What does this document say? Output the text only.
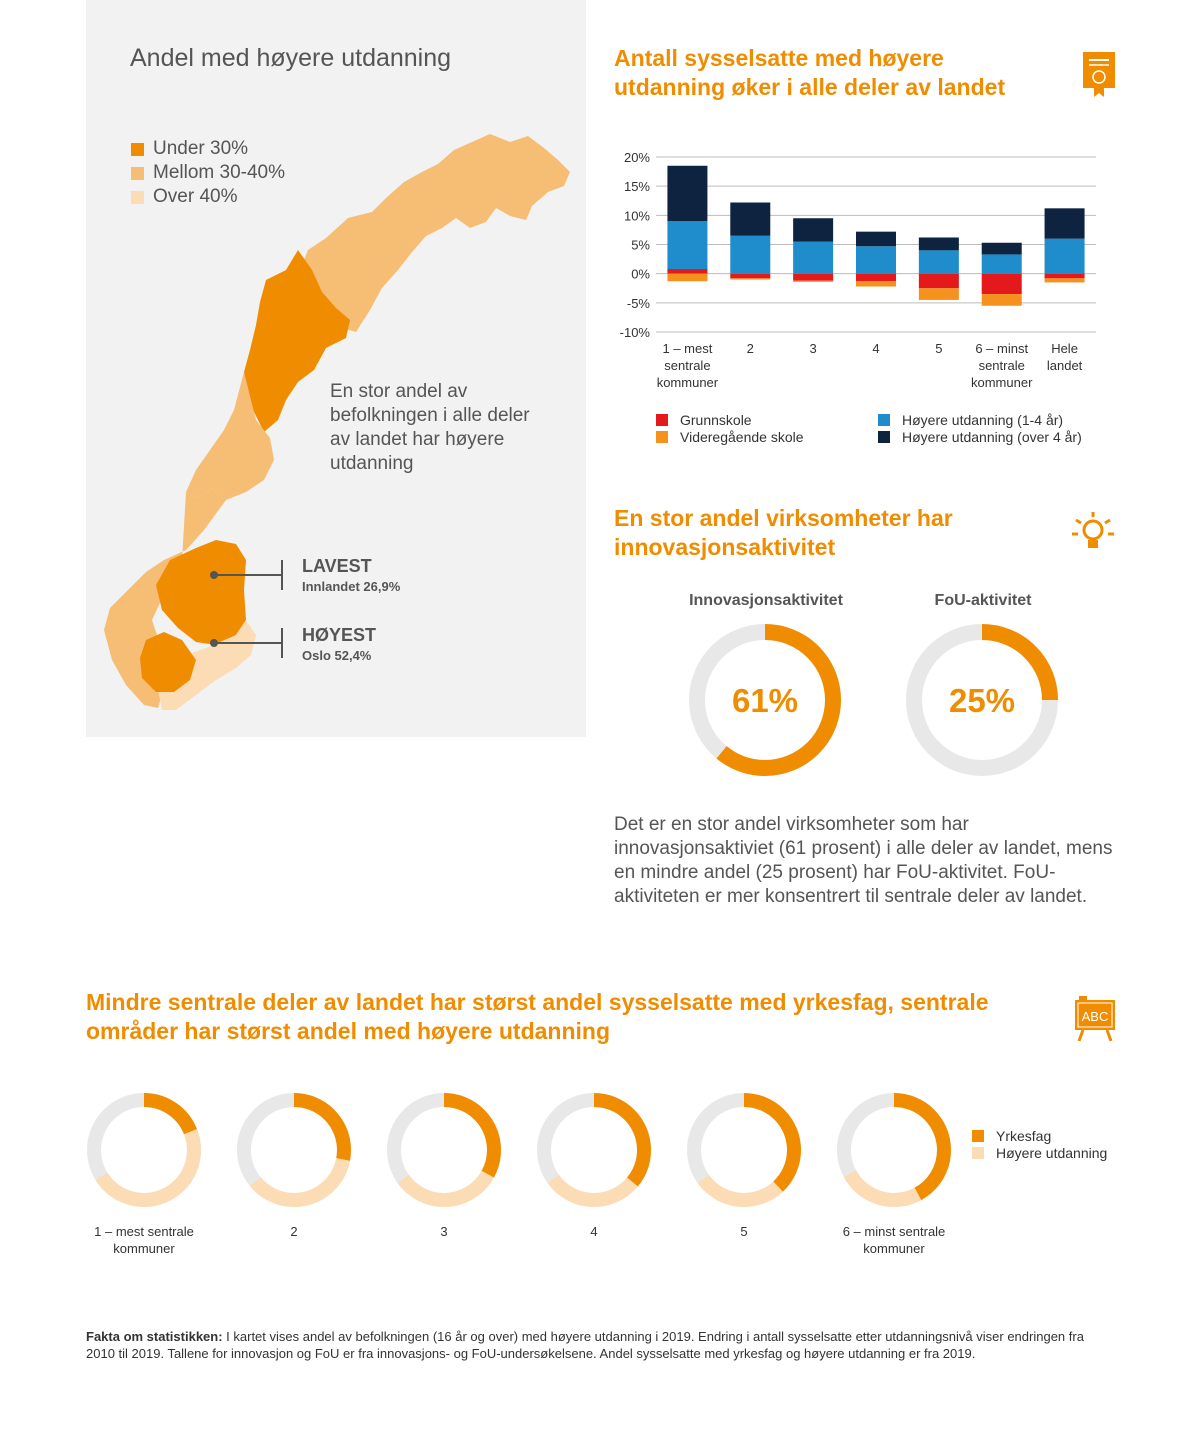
Andel med høyere utdanning
Under 30%
Mellom 30-40%
Over 40%
En stor andel av befolkningen i alle deler av landet har høyere utdanning
LAVEST
Innlandet 26,9%
HØYEST
Oslo 52,4%
Antall sysselsatte med høyere
utdanning øker i alle deler av landet
20%
15%
10%
5%
0%
-5%
-10%
1 – mest
sentrale
kommuner
2	3	4	5	6 – minst
sentrale
kommuner
Hele
landet
Grunnskole
Videregående skole
Høyere utdanning (1-4 år)
Høyere utdanning (over 4 år)
En stor andel virksomheter har
innovasjonsaktivitet
Innovasjonsaktivitet	FoU-aktivitet
61%	25%
Det er en stor andel virksomheter som har innovasjonsaktiviet (61 prosent) i alle deler av landet, mens en mindre andel (25 prosent) har FoU-aktivitet. FoU-aktiviteten er mer konsentrert til sentrale deler av landet.
Mindre sentrale deler av landet har størst andel sysselsatte med yrkesfag, sentrale
områder har størst andel med høyere utdanning
ABC
Yrkesfag
Høyere utdanning
1 – mest sentrale
kommuner
2	3	4	5	6 – minst sentrale
kommuner
Fakta om statistikken: I kartet vises andel av befolkningen (16 år og over) med høyere utdanning i 2019. Endring i antall sysselsatte etter utdanningsnivå viser endringen fra 2010 til 2019. Tallene for innovasjon og FoU er fra innovasjons- og FoU-undersøkelsene. Andel sysselsatte med yrkesfag og høyere utdanning er fra 2019.
